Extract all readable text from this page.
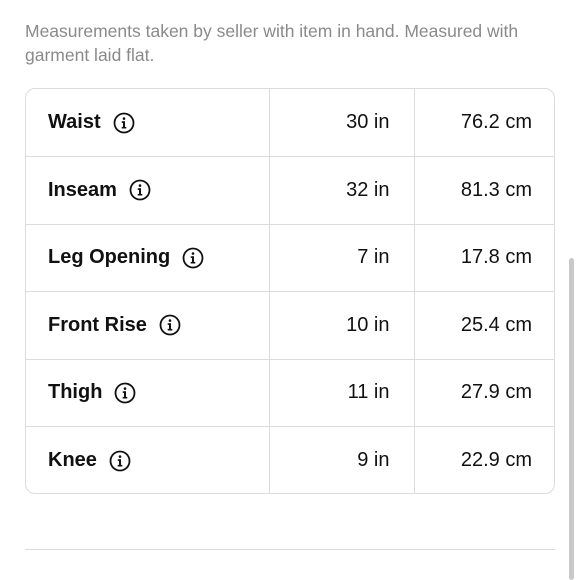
Measurements taken by seller with item in hand. Measured with garment laid flat.

Waist	30 in	76.2 cm

Inseam	32 in	81.3 cm

Leg Opening	7 in	17.8 cm

Front Rise	10 in	25.4 cm

Thigh	11 in	27.9 cm

Knee	9 in	22.9 cm
